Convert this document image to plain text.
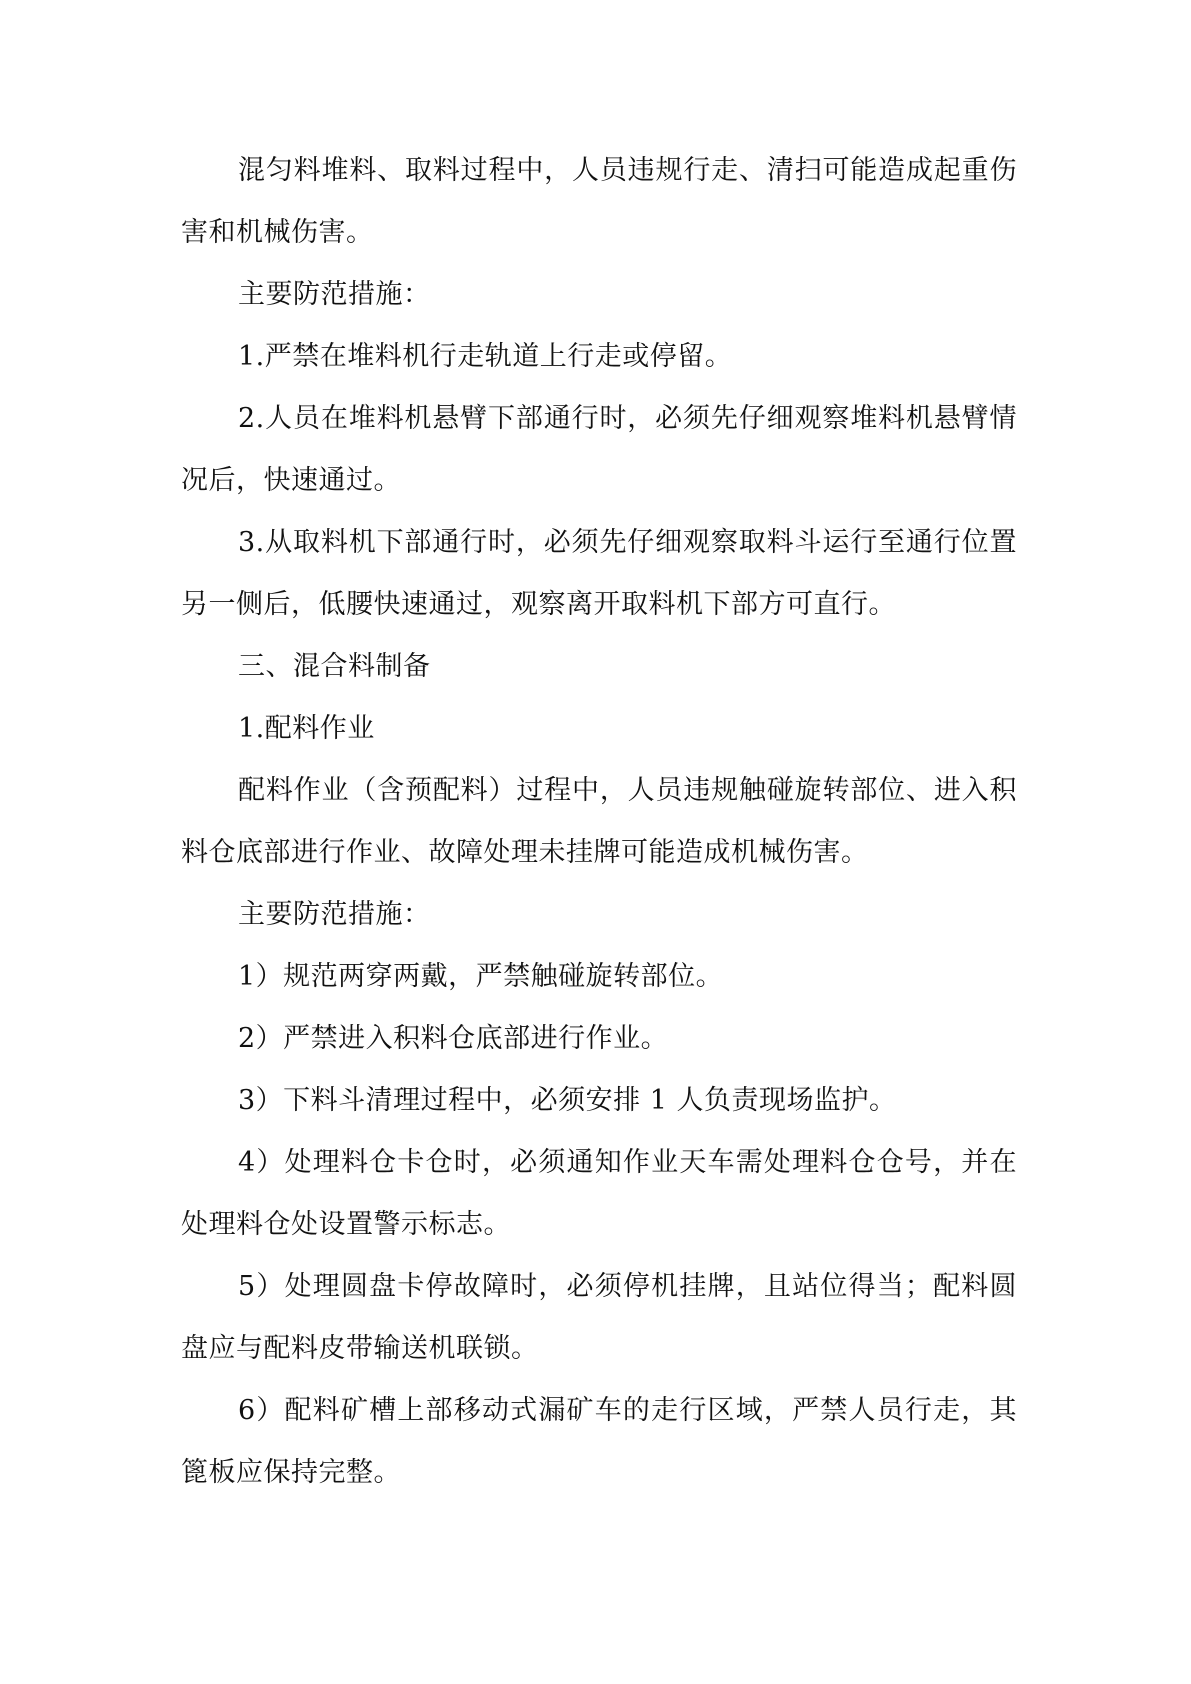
混匀料堆料、取料过程中，人员违规行走、清扫可能造成起重伤害和机械伤害。

主要防范措施：

1.严禁在堆料机行走轨道上行走或停留。

2.人员在堆料机悬臂下部通行时，必须先仔细观察堆料机悬臂情况后，快速通过。

3.从取料机下部通行时，必须先仔细观察取料斗运行至通行位置另一侧后，低腰快速通过，观察离开取料机下部方可直行。

三、混合料制备

1.配料作业

配料作业（含预配料）过程中，人员违规触碰旋转部位、进入积料仓底部进行作业、故障处理未挂牌可能造成机械伤害。

主要防范措施：

1）规范两穿两戴，严禁触碰旋转部位。

2）严禁进入积料仓底部进行作业。

3）下料斗清理过程中，必须安排 1 人负责现场监护。

4）处理料仓卡仓时，必须通知作业天车需处理料仓仓号，并在处理料仓处设置警示标志。

5）处理圆盘卡停故障时，必须停机挂牌，且站位得当；配料圆盘应与配料皮带输送机联锁。

6）配料矿槽上部移动式漏矿车的走行区域，严禁人员行走，其篦板应保持完整。
